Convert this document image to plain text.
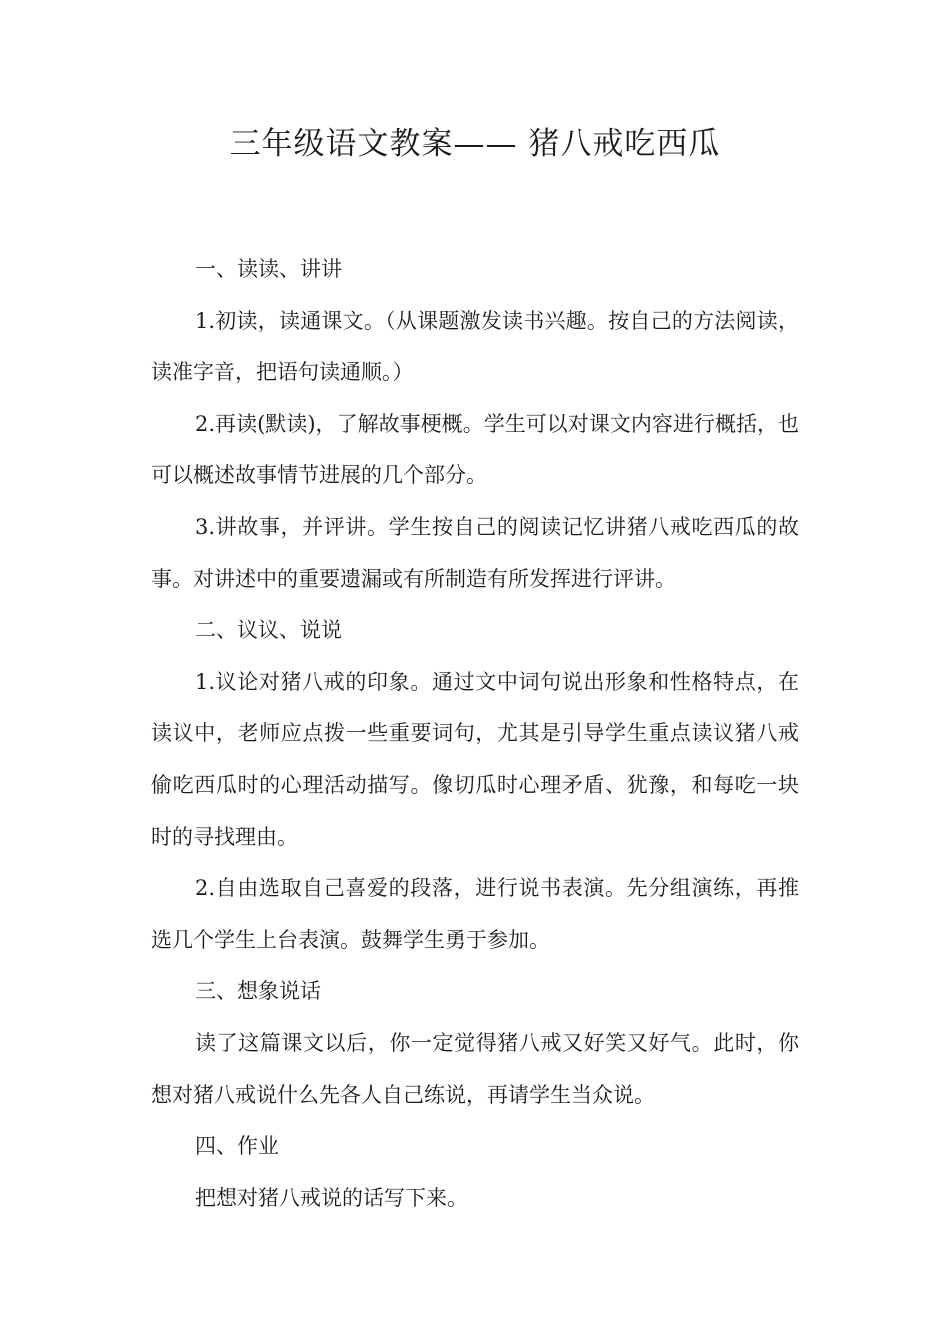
三年级语文教案—— 猪八戒吃西瓜

一、读读、讲讲

1.初读，读通课文。（从课题激发读书兴趣。按自己的方法阅读，读准字音，把语句读通顺。）

2.再读(默读)，了解故事梗概。学生可以对课文内容进行概括，也可以概述故事情节进展的几个部分。

3.讲故事，并评讲。学生按自己的阅读记忆讲猪八戒吃西瓜的故事。对讲述中的重要遗漏或有所制造有所发挥进行评讲。

二、议议、说说

1.议论对猪八戒的印象。通过文中词句说出形象和性格特点，在读议中，老师应点拨一些重要词句，尤其是引导学生重点读议猪八戒偷吃西瓜时的心理活动描写。像切瓜时心理矛盾、犹豫，和每吃一块时的寻找理由。

2.自由选取自己喜爱的段落，进行说书表演。先分组演练，再推选几个学生上台表演。鼓舞学生勇于参加。

三、想象说话

读了这篇课文以后，你一定觉得猪八戒又好笑又好气。此时，你想对猪八戒说什么先各人自己练说，再请学生当众说。

四、作业

把想对猪八戒说的话写下来。
